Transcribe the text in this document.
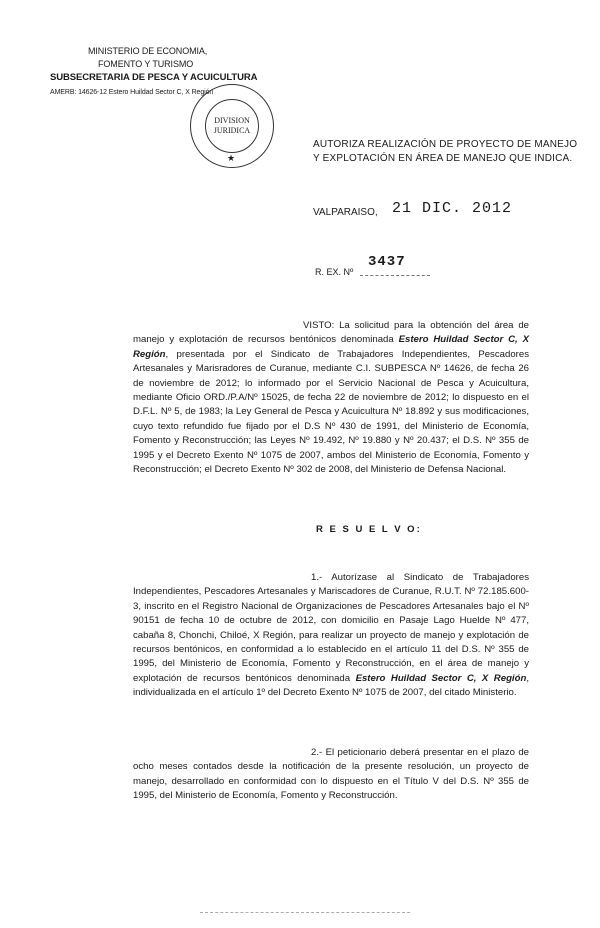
MINISTERIO DE ECONOMIA,
FOMENTO Y TURISMO
SUBSECRETARIA DE PESCA Y ACUICULTURA
AMERB: 14626-12 Estero Huildad Sector C, X Región
DIVISION
JURIDICA
★
AUTORIZA REALIZACIÓN DE PROYECTO DE MANEJO
Y EXPLOTACIÓN EN ÁREA DE MANEJO QUE INDICA.
VALPARAISO, 21 DIC. 2012
R. EX. Nº
3437
VISTO: La solicitud para la obtención del área de manejo y explotación de recursos bentónicos denominada Estero Huildad Sector C, X Región, presentada por el Sindicato de Trabajadores Independientes, Pescadores Artesanales y Marisradores de Curanue, mediante C.I. SUBPESCA Nº 14626, de fecha 26 de noviembre de 2012; lo informado por el Servicio Nacional de Pesca y Acuicultura, mediante Oficio ORD./P.A/Nº 15025, de fecha 22 de noviembre de 2012; lo dispuesto en el D.F.L. Nº 5, de 1983; la Ley General de Pesca y Acuicultura Nº 18.892 y sus modificaciones, cuyo texto refundido fue fijado por el D.S Nº 430 de 1991, del Ministerio de Economía, Fomento y Reconstrucción; las Leyes Nº 19.492, Nº 19.880 y Nº 20.437; el D.S. Nº 355 de 1995 y el Decreto Exento Nº 1075 de 2007, ambos del Ministerio de Economía, Fomento y Reconstrucción; el Decreto Exento Nº 302 de 2008, del Ministerio de Defensa Nacional.
R E S U E L V O:
1.- Autorízase al Sindicato de Trabajadores Independientes, Pescadores Artesanales y Mariscadores de Curanue, R.U.T. Nº 72.185.600-3, inscrito en el Registro Nacional de Organizaciones de Pescadores Artesanales bajo el Nº 90151 de fecha 10 de octubre de 2012, con domicilio en Pasaje Lago Huelde Nº 477, cabaña 8, Chonchi, Chiloé, X Región, para realizar un proyecto de manejo y explotación de recursos bentónicos, en conformidad a lo establecido en el artículo 11 del D.S. Nº 355 de 1995, del Ministerio de Economía, Fomento y Reconstrucción, en el área de manejo y explotación de recursos bentónicos denominada Estero Huildad Sector C, X Región, individualizada en el artículo 1º del Decreto Exento Nº 1075 de 2007, del citado Ministerio.
2.- El peticionario deberá presentar en el plazo de ocho meses contados desde la notificación de la presente resolución, un proyecto de manejo, desarrollado en conformidad con lo dispuesto en el Título V del D.S. Nº 355 de 1995, del Ministerio de Economía, Fomento y Reconstrucción.
